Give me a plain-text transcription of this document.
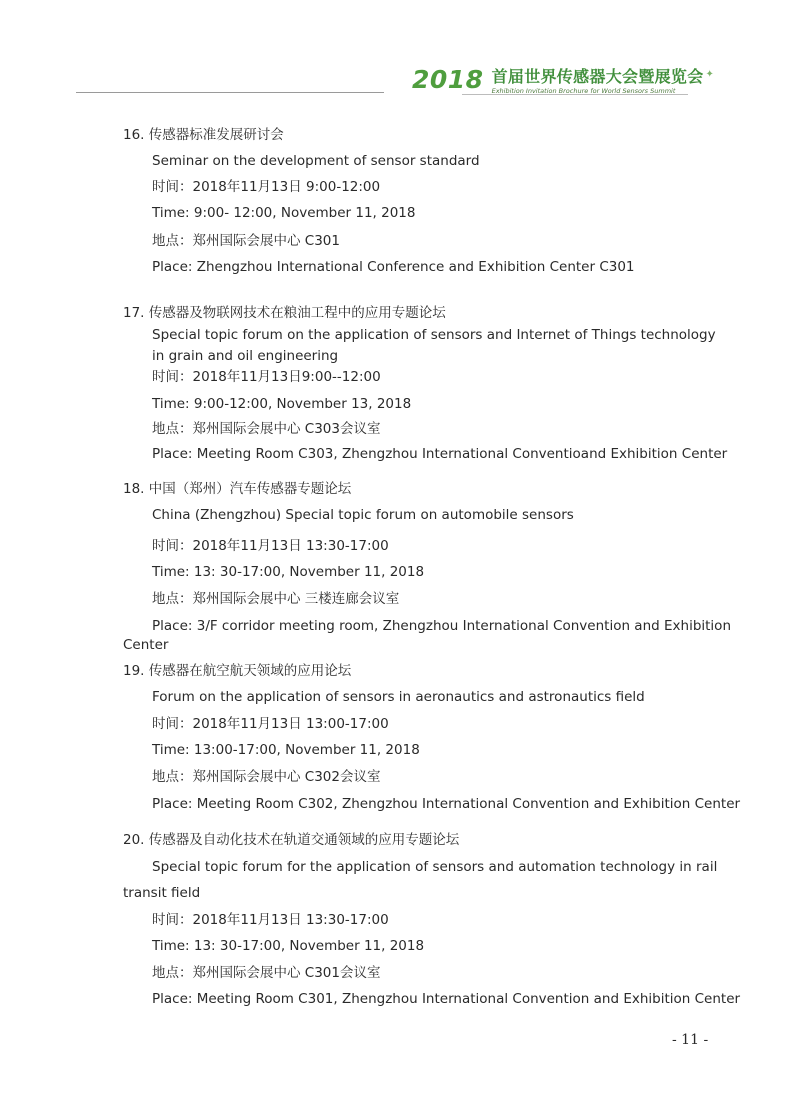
2018 首届世界传感器大会暨展览会
Exhibition Invitation Brochure for World Sensors Summit
✦
16. 传感器标准发展研讨会
Seminar on the development of sensor standard
时间：2018年11月13日 9:00-12:00
Time: 9:00- 12:00, November 11, 2018
地点：郑州国际会展中心 C301
Place: Zhengzhou International Conference and Exhibition Center C301
17. 传感器及物联网技术在粮油工程中的应用专题论坛
Special topic forum on the application of sensors and Internet of Things technology
in grain and oil engineering
时间：2018年11月13日9:00--12:00
Time: 9:00-12:00, November 13, 2018
地点：郑州国际会展中心 C303会议室
Place: Meeting Room C303, Zhengzhou International Conventioand Exhibition Center
18. 中国（郑州）汽车传感器专题论坛
China (Zhengzhou) Special topic forum on automobile sensors
时间：2018年11月13日 13:30-17:00
Time: 13: 30-17:00, November 11, 2018
地点：郑州国际会展中心 三楼连廊会议室
Place: 3/F corridor meeting room, Zhengzhou International Convention and Exhibition
Center
19. 传感器在航空航天领域的应用论坛
Forum on the application of sensors in aeronautics and astronautics field
时间：2018年11月13日 13:00-17:00
Time: 13:00-17:00, November 11, 2018
地点：郑州国际会展中心 C302会议室
Place: Meeting Room C302, Zhengzhou International Convention and Exhibition Center
20. 传感器及自动化技术在轨道交通领域的应用专题论坛
Special topic forum for the application of sensors and automation technology in rail
transit field
时间：2018年11月13日 13:30-17:00
Time: 13: 30-17:00, November 11, 2018
地点：郑州国际会展中心 C301会议室
Place: Meeting Room C301, Zhengzhou International Convention and Exhibition Center
- 11 -
